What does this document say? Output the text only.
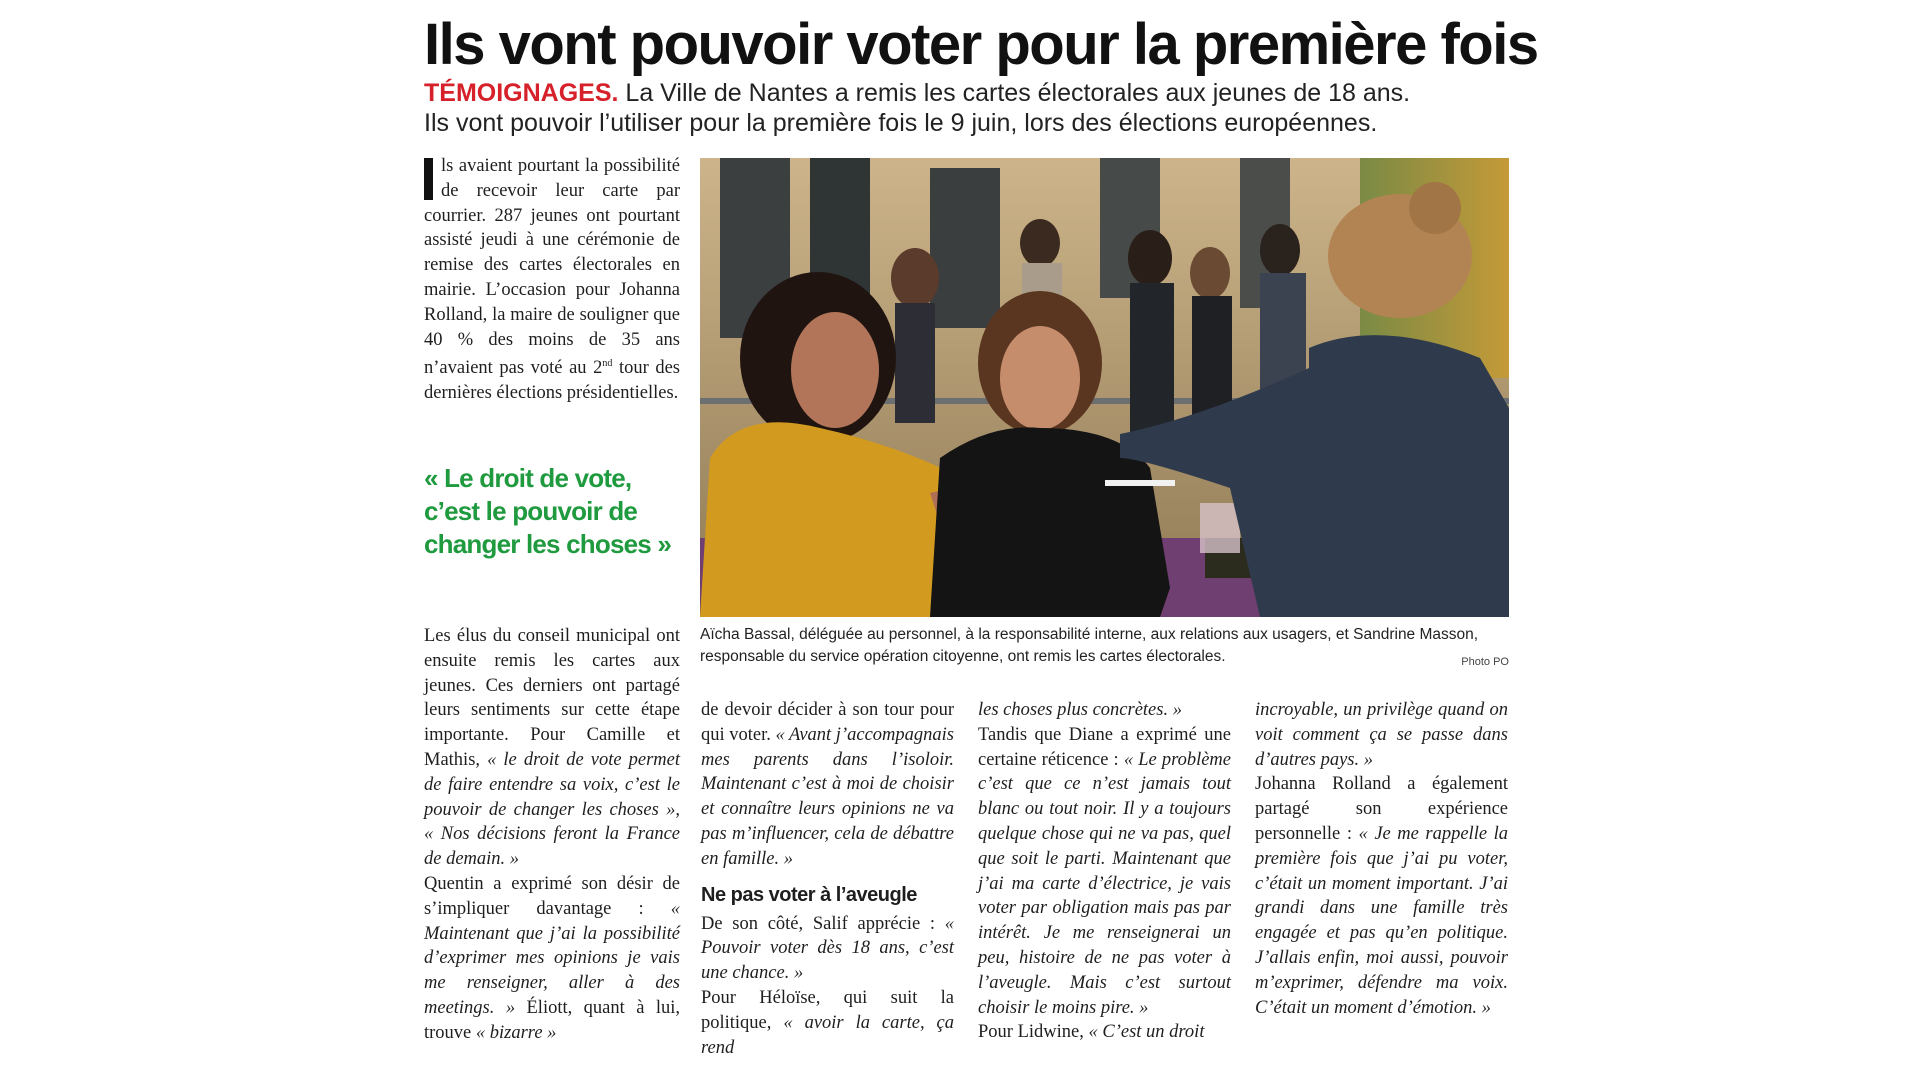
Ils vont pouvoir voter pour la première fois
TÉMOIGNAGES. La Ville de Nantes a remis les cartes électorales aux jeunes de 18 ans.
Ils vont pouvoir l’utiliser pour la première fois le 9 juin, lors des élections européennes.

ls avaient pourtant la possibilité de recevoir leur carte par courrier. 287 jeunes ont pourtant assisté jeudi à une cérémonie de remise des cartes électorales en mairie. L’occasion pour Johanna Rolland, la maire de souligner que 40 % des moins de 35 ans n’avaient pas voté au 2nd tour des dernières élections présidentielles.

« Le droit de vote, c’est le pouvoir de changer les choses »

Les élus du conseil municipal ont ensuite remis les cartes aux jeunes. Ces derniers ont partagé leurs sentiments sur cette étape importante. Pour Camille et Mathis, « le droit de vote permet de faire entendre sa voix, c’est le pouvoir de changer les choses », « Nos décisions feront la France de demain. »

Quentin a exprimé son désir de s’impliquer davantage : « Maintenant que j’ai la possibilité d’exprimer mes opinions je vais me renseigner, aller à des meetings. » Éliott, quant à lui, trouve « bizarre »

Aïcha Bassal, déléguée au personnel, à la responsabilité interne, aux relations aux usagers, et Sandrine Masson, responsable du service opération citoyenne, ont remis les cartes électorales.	Photo PO

de devoir décider à son tour pour qui voter. « Avant j’accompagnais mes parents dans l’isoloir. Maintenant c’est à moi de choisir et connaître leurs opinions ne va pas m’influencer, cela de débattre en famille. »

Ne pas voter à l’aveugle

De son côté, Salif apprécie : « Pouvoir voter dès 18 ans, c’est une chance. »

Pour Héloïse, qui suit la politique, « avoir la carte, ça rend

les choses plus concrètes. »

Tandis que Diane a exprimé une certaine réticence : « Le problème c’est que ce n’est jamais tout blanc ou tout noir. Il y a toujours quelque chose qui ne va pas, quel que soit le parti. Maintenant que j’ai ma carte d’électrice, je vais voter par obligation mais pas par intérêt. Je me renseignerai un peu, histoire de ne pas voter à l’aveugle. Mais c’est surtout choisir le moins pire. »

Pour Lidwine, « C’est un droit

incroyable, un privilège quand on voit comment ça se passe dans d’autres pays. »

Johanna Rolland a également partagé son expérience personnelle : « Je me rappelle la première fois que j’ai pu voter, c’était un moment important. J’ai grandi dans une famille très engagée et pas qu’en politique. J’allais enfin, moi aussi, pouvoir m’exprimer, défendre ma voix. C’était un moment d’émotion. »
